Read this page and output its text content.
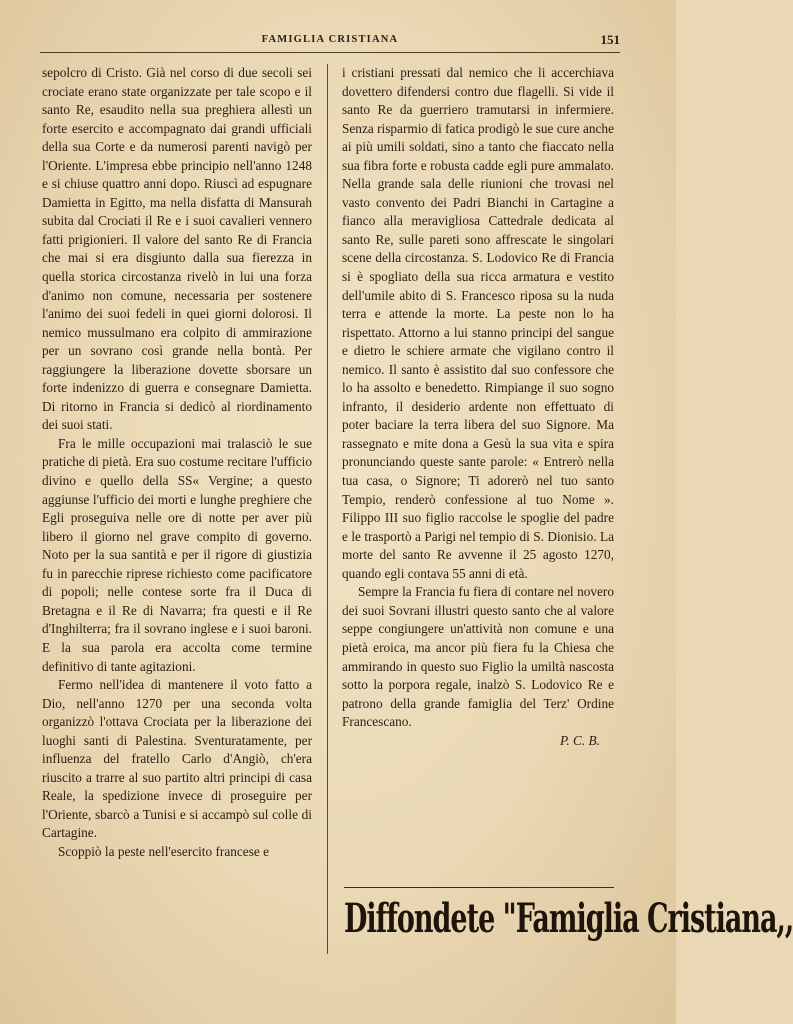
FAMIGLIA CRISTIANA	151

sepolcro di Cristo. Già nel corso di due secoli sei crociate erano state organizzate per tale scopo e il santo Re, esaudito nella sua preghiera allestì un forte esercito e accompagnato dai grandi ufficiali della sua Corte e da numerosi parenti navigò per l'Oriente. L'impresa ebbe principio nell'anno 1248 e si chiuse quattro anni dopo. Riuscì ad espugnare Damietta in Egitto, ma nella disfatta di Mansurah subita dal Crociati il Re e i suoi cavalieri vennero fatti prigionieri. Il valore del santo Re di Francia che mai si era disgiunto dalla sua fierezza in quella storica circostanza rivelò in lui una forza d'animo non comune, necessaria per sostenere l'animo dei suoi fedeli in quei giorni dolorosi. Il nemico mussulmano era colpito di ammirazione per un sovrano così grande nella bontà. Per raggiungere la liberazione dovette sborsare un forte indenizzo di guerra e consegnare Damietta. Di ritorno in Francia si dedicò al riordinamento dei suoi stati.

Fra le mille occupazioni mai tralasciò le sue pratiche di pietà. Era suo costume recitare l'ufficio divino e quello della SS« Vergine; a questo aggiunse l'ufficio dei morti e lunghe preghiere che Egli proseguiva nelle ore di notte per aver più libero il giorno nel grave compito di governo. Noto per la sua santità e per il rigore di giustizia fu in parecchie riprese richiesto come pacificatore di popoli; nelle contese sorte fra il Duca di Bretagna e il Re di Navarra; fra questi e il Re d'Inghilterra; fra il sovrano inglese e i suoi baroni. E la sua parola era accolta come termine definitivo di tante agitazioni.

Fermo nell'idea di mantenere il voto fatto a Dio, nell'anno 1270 per una seconda volta organizzò l'ottava Crociata per la liberazione dei luoghi santi di Palestina. Sventuratamente, per influenza del fratello Carlo d'Angiò, ch'era riuscito a trarre al suo partito altri principi di casa Reale, la spedizione invece di proseguire per l'Oriente, sbarcò a Tunisi e si accampò sul colle di Cartagine.

Scoppiò la peste nell'esercito francese e

i cristiani pressati dal nemico che li accerchiava dovettero difendersi contro due flagelli. Si vide il santo Re da guerriero tramutarsi in infermiere. Senza risparmio di fatica prodigò le sue cure anche ai più umili soldati, sino a tanto che fiaccato nella sua fibra forte e robusta cadde egli pure ammalato. Nella grande sala delle riunioni che trovasi nel vasto convento dei Padri Bianchi in Cartagine a fianco alla meravigliosa Cattedrale dedicata al santo Re, sulle pareti sono affrescate le singolari scene della circostanza. S. Lodovico Re di Francia si è spogliato della sua ricca armatura e vestito dell'umile abito di S. Francesco riposa su la nuda terra e attende la morte. La peste non lo ha rispettato. Attorno a lui stanno principi del sangue e dietro le schiere armate che vigilano contro il nemico. Il santo è assistito dal suo confessore che lo ha assolto e benedetto. Rimpiange il suo sogno infranto, il desiderio ardente non effettuato di poter baciare la terra libera del suo Signore. Ma rassegnato e mite dona a Gesù la sua vita e spira pronunciando queste sante parole: « Entrerò nella tua casa, o Signore; Ti adorerò nel tuo santo Tempio, renderò confessione al tuo Nome ». Filippo III suo figlio raccolse le spoglie del padre e le trasportò a Parigi nel tempio di S. Dionisio. La morte del santo Re avvenne il 25 agosto 1270, quando egli contava 55 anni di età.

Sempre la Francia fu fiera di contare nel novero dei suoi Sovrani illustri questo santo che al valore seppe congiungere un'attività non comune e una pietà eroica, ma ancor più fiera fu la Chiesa che ammirando in questo suo Figlio la umiltà nascosta sotto la porpora regale, inalzò S. Lodovico Re e patrono della grande famiglia del Terz' Ordine Francescano.

P. C. B.

Diffondete "Famiglia Cristiana,,
